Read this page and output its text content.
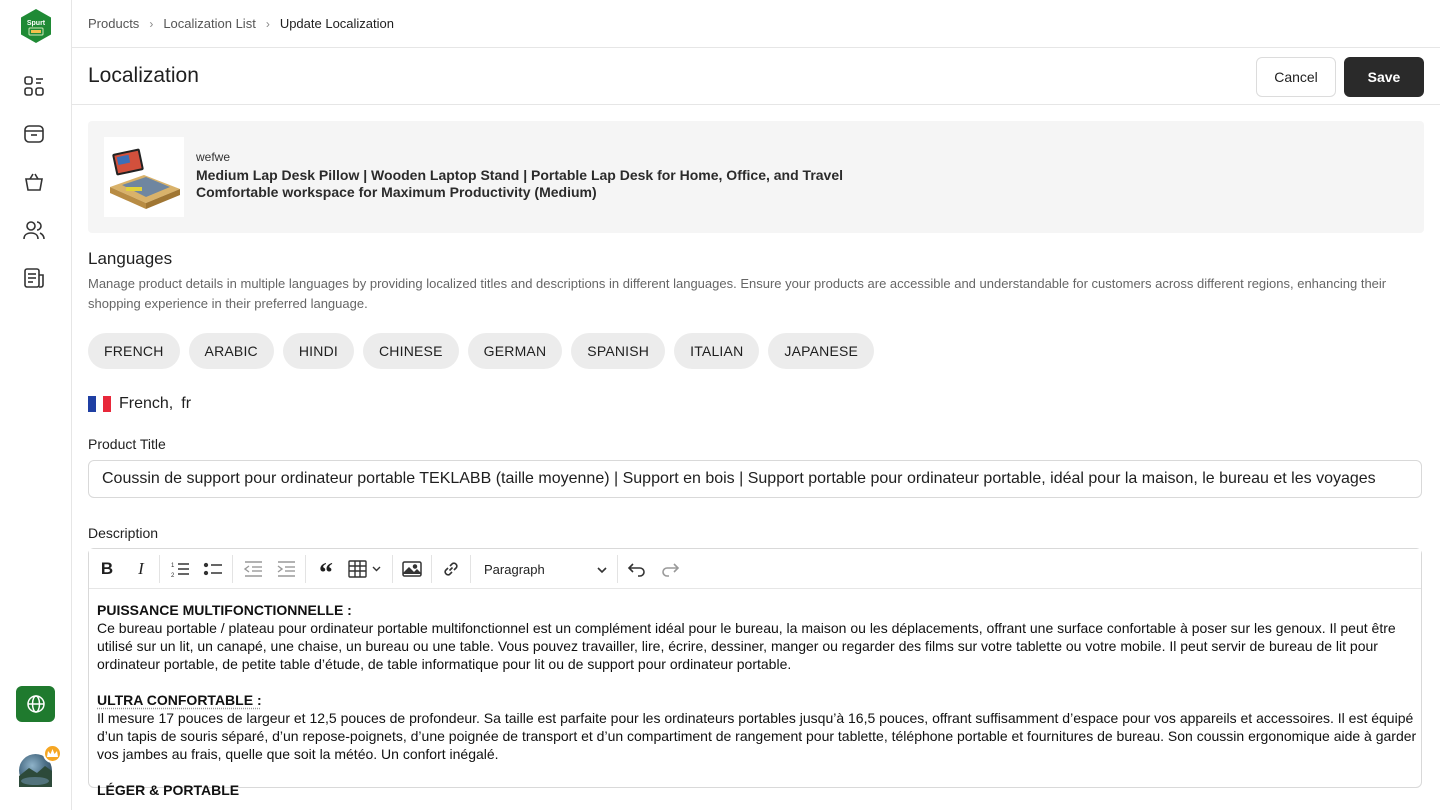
Spurt	Products › Localization List › Update Localization
Localization	Cancel	Save
wefwe
Medium Lap Desk Pillow | Wooden Laptop Stand | Portable Lap Desk for Home, Office, and Travel Comfortable workspace for Maximum Productivity (Medium)
Languages
Manage product details in multiple languages by providing localized titles and descriptions in different languages. Ensure your products are accessible and understandable for customers across different regions, enhancing their shopping experience in their preferred language.
FRENCH	ARABIC	HINDI	CHINESE	GERMAN	SPANISH	ITALIAN	JAPANESE
French, fr
Product Title
Coussin de support pour ordinateur portable TEKLABB (taille moyenne) | Support en bois | Support portable pour ordinateur portable, idéal pour la maison, le bureau et les voyages
Description
B I	1
2	“	Paragraph

PUISSANCE MULTIFONCTIONNELLE :

Ce bureau portable / plateau pour ordinateur portable multifonctionnel est un complément idéal pour le bureau, la maison ou les déplacements, offrant une surface confortable à poser sur les genoux. Il peut être utilisé sur un lit, un canapé, une chaise, un bureau ou une table. Vous pouvez travailler, lire, écrire, dessiner, manger ou regarder des films sur votre tablette ou votre mobile. Il peut servir de bureau de lit pour ordinateur portable, de petite table d’étude, de table informatique pour lit ou de support pour ordinateur portable.

ULTRA CONFORTABLE :

Il mesure 17 pouces de largeur et 12,5 pouces de profondeur. Sa taille est parfaite pour les ordinateurs portables jusqu’à 16,5 pouces, offrant suffisamment d’espace pour vos appareils et accessoires. Il est équipé d’un tapis de souris séparé, d’un repose-poignets, d’une poignée de transport et d’un compartiment de rangement pour tablette, téléphone portable et fournitures de bureau. Son coussin ergonomique aide à garder vos jambes au frais, quelle que soit la météo. Un confort inégalé.

LÉGER & PORTABLE
